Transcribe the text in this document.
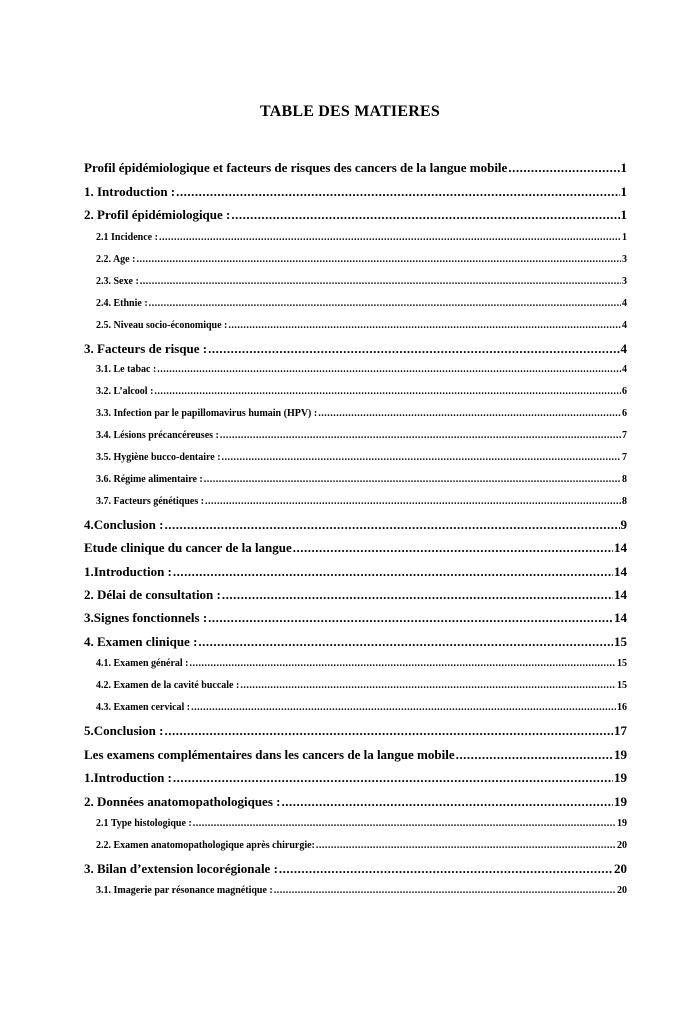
TABLE DES MATIERES
Profil épidémiologique et facteurs de risques des cancers de la langue mobile .....	1
1. Introduction : .....	1
2. Profil épidémiologique : .....	1
2.1 Incidence : .....	1
2.2. Age : .....	3
2.3. Sexe : .....	3
2.4. Ethnie : .....	4
2.5. Niveau socio-économique : .....	4
3. Facteurs de risque : .....	4
3.1. Le tabac : .....	4
3.2. L’alcool : .....	6
3.3. Infection par le papillomavirus humain (HPV) : .....	6
3.4. Lésions précancéreuses : .....	7
3.5. Hygiène bucco-dentaire : .....	7
3.6. Régime alimentaire : .....	8
3.7. Facteurs génétiques : .....	8
4.Conclusion : .....	9
Etude clinique du cancer de la langue .....	14
1.Introduction : .....	14
2. Délai de consultation : .....	14
3.Signes fonctionnels : .....	14
4. Examen clinique : .....	15
4.1. Examen général : .....	15
4.2. Examen de la cavité buccale : .....	15
4.3. Examen cervical : .....	16
5.Conclusion : .....	17
Les examens complémentaires dans les cancers de la langue mobile .....	19
1.Introduction : .....	19
2. Données anatomopathologiques : .....	19
2.1 Type histologique : .....	19
2.2. Examen anatomopathologique après chirurgie: .....	20
3. Bilan d’extension locorégionale : .....	20
3.1. Imagerie par résonance magnétique : .....	20
